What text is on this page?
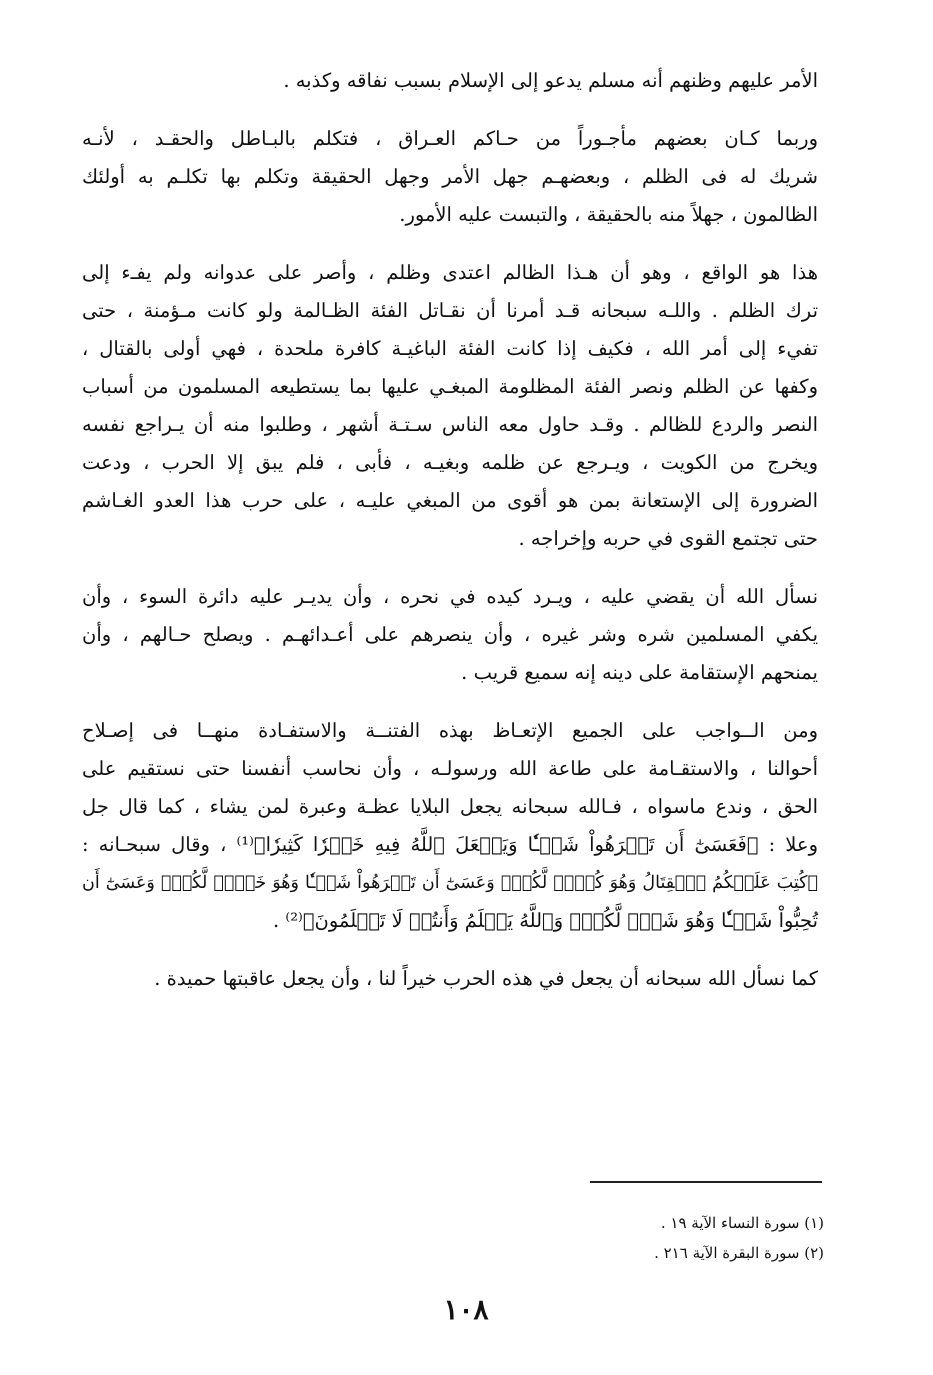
الأمر عليهم وظنهم أنه مسلم يدعو إلى الإسلام بسبب نفاقه وكذبه .

وربما كـان بعضهم مأجـوراً من حـاكم العـراق ، فتكلم بالبـاطل والحقـد ، لأنـه
شريك له فى الظلم ، وبعضهـم جهل الأمر وجهل الحقيقة وتكلم بها تكلـم به أولئك
الظالمون ، جهلاً منه بالحقيقة ، والتبست عليه الأمور.

هذا هو الواقع ، وهو أن هـذا الظالم اعتدى وظلم ، وأصر على عدوانه ولم يفـء إلى
ترك الظلم . واللـه سبحانه قـد أمرنا أن نقـاتل الفئة الظـالمة ولو كانت مـؤمنة ، حتى
تفيء إلى أمر الله ، فكيف إذا كانت الفئة الباغيـة كافرة ملحدة ، فهي أولى بالقتال ،
وكفها عن الظلم ونصر الفئة المظلومة المبغـي عليها بما يستطيعه المسلمون من أسباب
النصر والردع للظالم . وقـد حاول معه الناس سـتـة أشهر ، وطلبوا منه أن يـراجع نفسه
ويخرج من الكويت ، ويـرجع عن ظلمه وبغيـه ، فأبى ، فلم يبق إلا الحرب ، ودعت
الضرورة إلى الإستعانة بمن هو أقوى من المبغي عليـه ، على حرب هذا العدو الغـاشم
حتى تجتمع القوى في حربه وإخراجه .

نسأل الله أن يقضي عليه ، ويـرد كيده في نحره ، وأن يديـر عليه دائرة السوء ، وأن
يكفي المسلمين شره وشر غيره ، وأن ينصرهم على أعـدائهـم . ويصلح حـالهم ، وأن
يمنحهم الإستقامة على دينه إنه سميع قريب .

ومن الــواجب على الجميع الإتعـاظ بهذه الفتنــة والاستفـادة منهــا فى إصـلاح
أحوالنا ، والاستقـامة على طاعة الله ورسولـه ، وأن نحاسب أنفسنا حتى نستقيم على
الحق ، وندع ماسواه ، فـالله سبحانه يجعل البلايا عظـة وعبرة لمن يشاء ، كما قال جل
وعلا : ﴿فَعَسَىٰٓ أَن تَكۡرَهُواْ شَيۡـٔٗا وَيَجۡعَلَ ٱللَّهُ فِيهِ خَيۡرٗا كَثِيرٗا﴾⁽¹⁾ ، وقال سبحـانه :
﴿كُتِبَ عَلَيۡكُمُ ٱلۡقِتَالُ وَهُوَ كُرۡهٞ لَّكُمۡۖ وَعَسَىٰٓ أَن تَكۡرَهُواْ شَيۡـٔٗا وَهُوَ خَيۡرٞ لَّكُمۡۖ وَعَسَىٰٓ أَن
تُحِبُّواْ شَيۡـٔٗا وَهُوَ شَرّٞ لَّكُمۡۚ وَٱللَّهُ يَعۡلَمُ وَأَنتُمۡ لَا تَعۡلَمُونَ﴾⁽²⁾ .

كما نسأل الله سبحانه أن يجعل في هذه الحرب خيراً لنا ، وأن يجعل عاقبتها حميدة .

(١) سورة النساء الآية ١٩ .
(٢) سورة البقرة الآية ٢١٦ .
١٠٨
